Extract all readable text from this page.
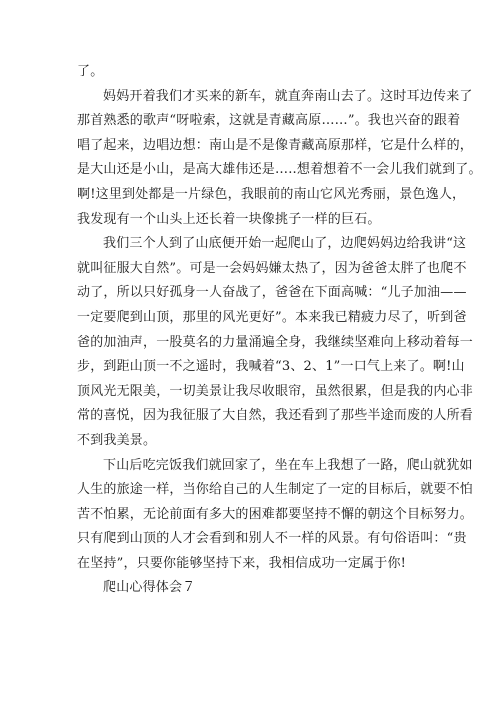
了。
妈妈开着我们才买来的新车，就直奔南山去了。这时耳边传来了
那首熟悉的歌声“呀啦索，这就是青藏高原……”。我也兴奋的跟着
唱了起来，边唱边想：南山是不是像青藏高原那样，它是什么样的，
是大山还是小山，是高大雄伟还是…..想着想着不一会儿我们就到了。
啊!这里到处都是一片绿色，我眼前的南山它风光秀丽，景色逸人，
我发现有一个山头上还长着一块像挑子一样的巨石。
我们三个人到了山底便开始一起爬山了，边爬妈妈边给我讲“这
就叫征服大自然”。可是一会妈妈嫌太热了，因为爸爸太胖了也爬不
动了，所以只好孤身一人奋战了，爸爸在下面高喊：“儿子加油——
一定要爬到山顶，那里的风光更好”。本来我已精疲力尽了，听到爸
爸的加油声，一股莫名的力量涌遍全身，我继续坚难向上移动着每一
步，到距山顶一不之遥时，我喊着“3、2、1”一口气上来了。啊!山
顶风光无限美，一切美景让我尽收眼帘，虽然很累，但是我的内心非
常的喜悦，因为我征服了大自然，我还看到了那些半途而废的人所看
不到我美景。
下山后吃完饭我们就回家了，坐在车上我想了一路，爬山就犹如
人生的旅途一样，当你给自己的人生制定了一定的目标后，就要不怕
苦不怕累，无论前面有多大的困难都要坚持不懈的朝这个目标努力。
只有爬到山顶的人才会看到和别人不一样的风景。有句俗语叫：“贵
在坚持”，只要你能够坚持下来，我相信成功一定属于你!
爬山心得体会７
